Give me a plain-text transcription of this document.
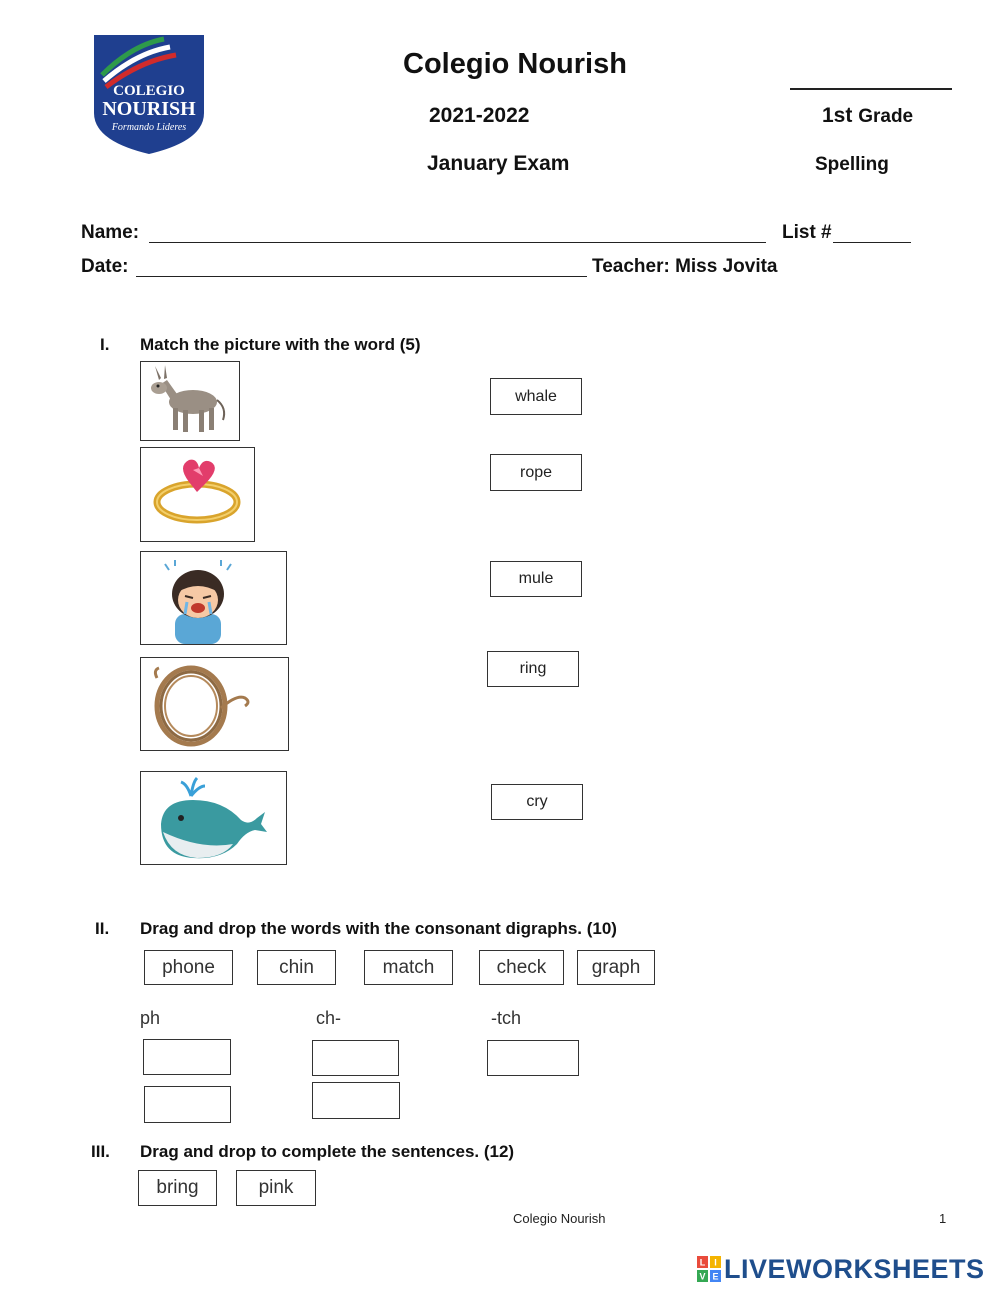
COLEGIO
NOURISH
Formando Lideres
Colegio Nourish
2021-2022
January Exam
1st Grade
Spelling
Name:	List #
Date:	Teacher: Miss Jovita
I. Match the picture with the word (5)
whale
rope
mule
ring
cry
II. Drag and drop the words with the consonant digraphs. (10)
phone	chin	match	check	graph
ph	ch-	-tch
III. Drag and drop to complete the sentences. (12)
bring	pink
Colegio Nourish	1
L I
V E LIVEWORKSHEETS
